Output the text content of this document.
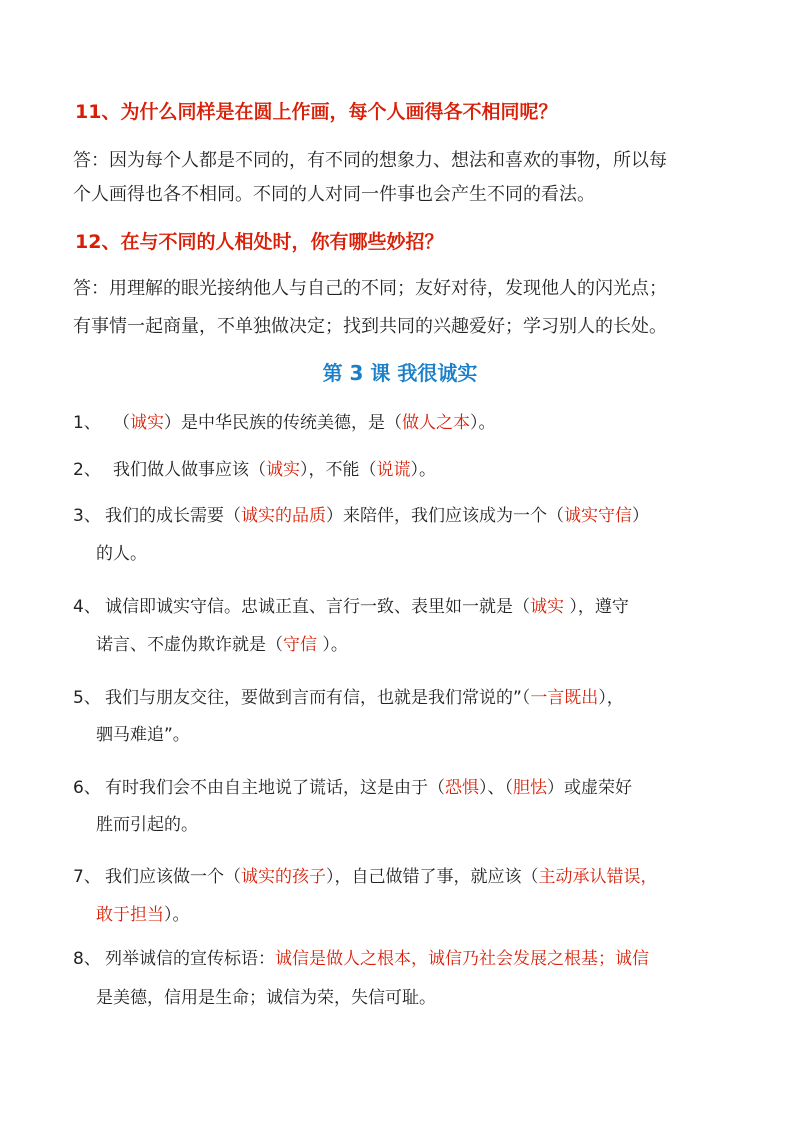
11、为什么同样是在圆上作画，每个人画得各不相同呢？
答：因为每个人都是不同的，有不同的想象力、想法和喜欢的事物，所以每
个人画得也各不相同。不同的人对同一件事也会产生不同的看法。
12、在与不同的人相处时，你有哪些妙招？
答：用理解的眼光接纳他人与自己的不同；友好对待，发现他人的闪光点；
有事情一起商量，不单独做决定；找到共同的兴趣爱好；学习别人的长处。
第 3 课 我很诚实
1、 （诚实）是中华民族的传统美德，是（做人之本）。
2、 我们做人做事应该（诚实），不能（说谎）。
3、 我们的成长需要（诚实的品质）来陪伴，我们应该成为一个（诚实守信）
的人。
4、 诚信即诚实守信。忠诚正直、言行一致、表里如一就是（诚实 ），遵守
诺言、不虚伪欺诈就是（守信 ）。
5、 我们与朋友交往，要做到言而有信，也就是我们常说的”（一言既出），
驷马难追”。
6、 有时我们会不由自主地说了谎话，这是由于（恐惧）、（胆怯）或虚荣好
胜而引起的。
7、 我们应该做一个（诚实的孩子），自己做错了事，就应该（主动承认错误，
敢于担当）。
8、 列举诚信的宣传标语：诚信是做人之根本，诚信乃社会发展之根基；诚信
是美德，信用是生命；诚信为荣，失信可耻。
